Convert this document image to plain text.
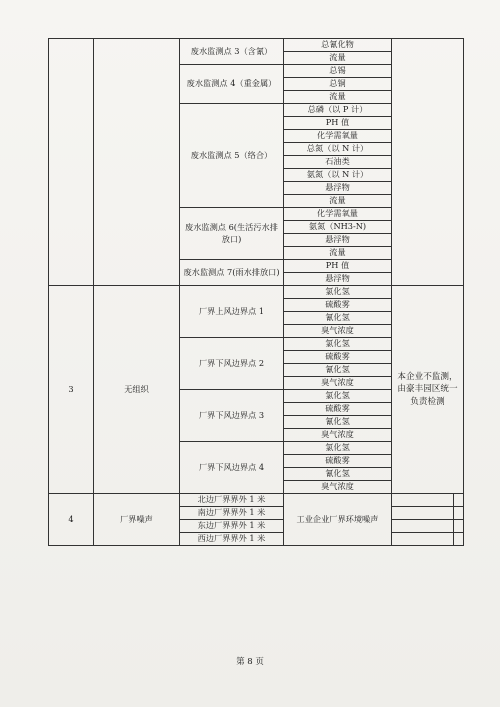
		废水监测点 3（含氰）	总氰化物		
			流量		
		废水监测点 4（重金属）	总锡		
			总铜		
			流量		
		废水监测点 5（络合）	总磷（以 P 计）		
			PH 值		
			化学需氧量		
			总氮（以 N 计）		
			石油类		
			氨氮（以 N 计）		
			悬浮物		
			流量		
		废水监测点 6(生活污水排放口)	化学需氧量		
			氨氮（NH3-N)		
			悬浮物		
			流量		
		废水监测点 7(雨水排放口)	PH 值		
			悬浮物		
3	无组织	厂界上风边界点 1	氯化氢	本企业不监测，由豪丰园区统一负责检测	
			硫酸雾		
			氰化氢		
			臭气浓度		
		厂界下风边界点 2	氯化氢		
			硫酸雾		
			氰化氢		
			臭气浓度		
		厂界下风边界点 3	氯化氢		
			硫酸雾		
			氰化氢		
			臭气浓度		
		厂界下风边界点 4	氯化氢		
			硫酸雾		
			氰化氢		
			臭气浓度		
4	厂界噪声	北边厂界界外 1 米	工业企业厂界环境噪声		
		南边厂界界外 1 米			
		东边厂界界外 1 米			
		西边厂界界外 1 米			
第 8 页
